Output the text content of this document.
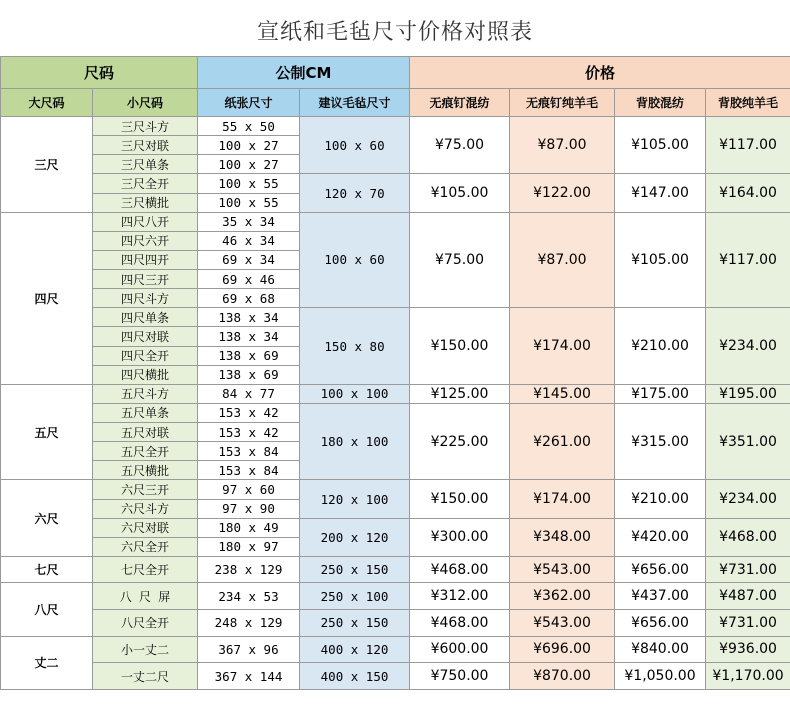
宣纸和毛毡尺寸价格对照表
尺码		公制CM		价格			
大尺码	小尺码	纸张尺寸	建议毛毡尺寸	无痕钉混纺	无痕钉纯羊毛	背胶混纺	背胶纯羊毛
三尺	三尺斗方	55 x 50	100 x 60	¥75.00	¥87.00	¥105.00	¥117.00
	三尺对联	100 x 27					
	三尺单条	100 x 27					
	三尺全开	100 x 55	120 x 70	¥105.00	¥122.00	¥147.00	¥164.00
	三尺横批	100 x 55					
四尺	四尺八开	35 x 34	100 x 60	¥75.00	¥87.00	¥105.00	¥117.00
	四尺六开	46 x 34					
	四尺四开	69 x 34					
	四尺三开	69 x 46					
	四尺斗方	69 x 68					
	四尺单条	138 x 34	150 x 80	¥150.00	¥174.00	¥210.00	¥234.00
	四尺对联	138 x 34					
	四尺全开	138 x 69					
	四尺横批	138 x 69					
五尺	五尺斗方	84 x 77	100 x 100	¥125.00	¥145.00	¥175.00	¥195.00
	五尺单条	153 x 42	180 x 100	¥225.00	¥261.00	¥315.00	¥351.00
	五尺对联	153 x 42					
	五尺全开	153 x 84					
	五尺横批	153 x 84					
六尺	六尺三开	97 x 60	120 x 100	¥150.00	¥174.00	¥210.00	¥234.00
	六尺斗方	97 x 90					
	六尺对联	180 x 49	200 x 120	¥300.00	¥348.00	¥420.00	¥468.00
	六尺全开	180 x 97					
七尺	七尺全开	238 x 129	250 x 150	¥468.00	¥543.00	¥656.00	¥731.00
八尺	八 尺 屏	234 x 53	250 x 100	¥312.00	¥362.00	¥437.00	¥487.00
	八尺全开	248 x 129	250 x 150	¥468.00	¥543.00	¥656.00	¥731.00
丈二	小一丈二	367 x 96	400 x 120	¥600.00	¥696.00	¥840.00	¥936.00
	一丈二尺	367 x 144	400 x 150	¥750.00	¥870.00	¥1,050.00	¥1,170.00
